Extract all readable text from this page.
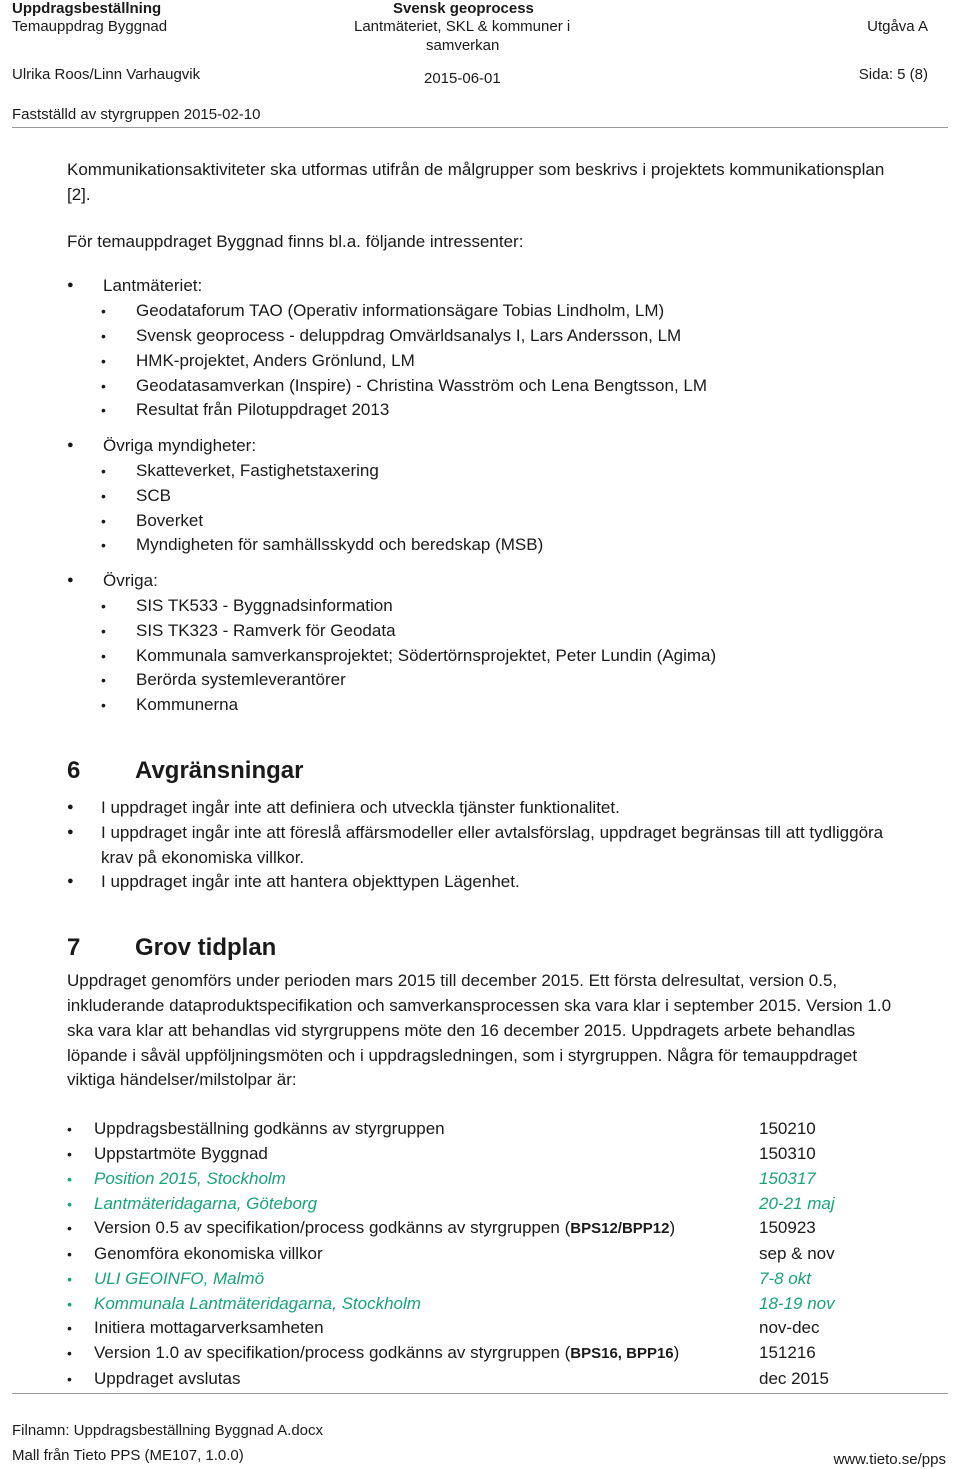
Uppdragsbeställning
Temauppdrag Byggnad
Svensk geoprocess
Lantmäteriet, SKL & kommuner i
samverkan
Utgåva A
Ulrika Roos/Linn Varhaugvik	2015-06-01	Sida: 5 (8)
Fastställd av styrgruppen 2015-02-10

Kommunikationsaktiviteter ska utformas utifrån de målgrupper som beskrivs i projektets kommunikationsplan [2].

För temauppdraget Byggnad finns bl.a. följande intressenter:

● Lantmäteriet:
• Geodataforum TAO (Operativ informationsägare Tobias Lindholm, LM)
• Svensk geoprocess - deluppdrag Omvärldsanalys I, Lars Andersson, LM
• HMK-projektet, Anders Grönlund, LM
• Geodatasamverkan (Inspire) - Christina Wasström och Lena Bengtsson, LM
• Resultat från Pilotuppdraget 2013
● Övriga myndigheter:
• Skatteverket, Fastighetstaxering
• SCB
• Boverket
• Myndigheten för samhällsskydd och beredskap (MSB)
● Övriga:
• SIS TK533 - Byggnadsinformation
• SIS TK323 - Ramverk för Geodata
• Kommunala samverkansprojektet; Södertörnsprojektet, Peter Lundin (Agima)
• Berörda systemleverantörer
• Kommunerna
6	Avgränsningar
● I uppdraget ingår inte att definiera och utveckla tjänster funktionalitet.
● I uppdraget ingår inte att föreslå affärsmodeller eller avtalsförslag, uppdraget begränsas till att tydliggöra krav på ekonomiska villkor.
● I uppdraget ingår inte att hantera objekttypen Lägenhet.
7	Grov tidplan

Uppdraget genomförs under perioden mars 2015 till december 2015. Ett första delresultat, version 0.5, inkluderande dataproduktspecifikation och samverkansprocessen ska vara klar i september 2015. Version 1.0 ska vara klar att behandlas vid styrgruppens möte den 16 december 2015. Uppdragets arbete behandlas löpande i såväl uppföljningsmöten och i uppdragsledningen, som i styrgruppen. Några för temauppdraget viktiga händelser/milstolpar är:

• Uppdragsbeställning godkänns av styrgruppen	150210
• Uppstartmöte Byggnad	150310
• Position 2015, Stockholm	150317
• Lantmäteridagarna, Göteborg	20-21 maj
• Version 0.5 av specifikation/process godkänns av styrgruppen (BPS12/BPP12)	150923
• Genomföra ekonomiska villkor	sep & nov
• ULI GEOINFO, Malmö	7-8 okt
• Kommunala Lantmäteridagarna, Stockholm	18-19 nov
• Initiera mottagarverksamheten	nov-dec
• Version 1.0 av specifikation/process godkänns av styrgruppen (BPS16, BPP16)	151216
• Uppdraget avslutas	dec 2015
Filnamn: Uppdragsbeställning Byggnad A.docx
Mall från Tieto PPS (ME107, 1.0.0)	www.tieto.se/pps
